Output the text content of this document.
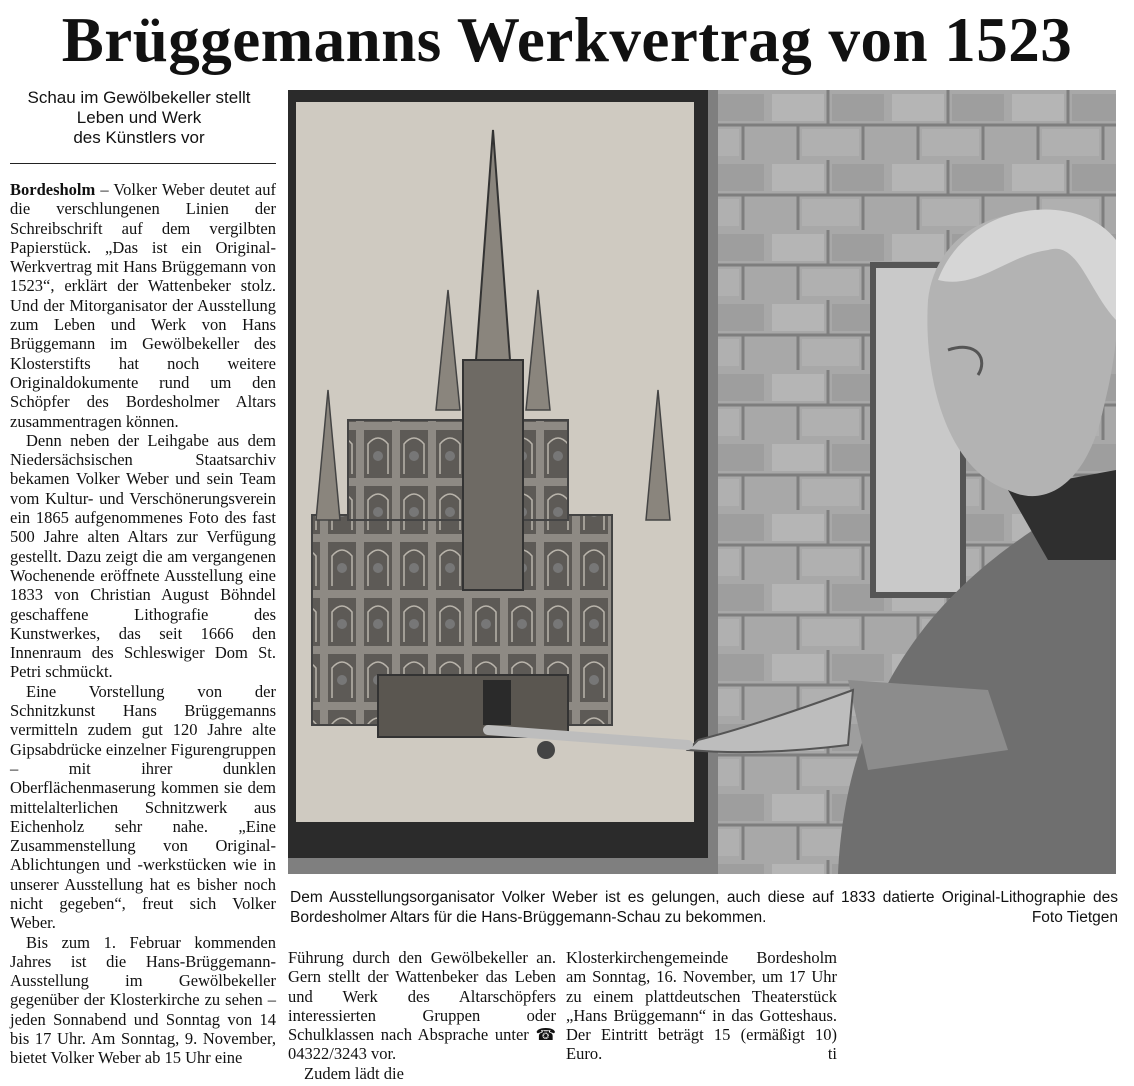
Brüggemanns Werkvertrag von 1523
Schau im Gewölbekeller stellt
Leben und Werk
des Künstlers vor

Bordesholm – Volker Weber deutet auf die verschlungenen Linien der Schreibschrift auf dem vergilbten Papierstück. „Das ist ein Original-Werkvertrag mit Hans Brüggemann von 1523“, erklärt der Wattenbeker stolz. Und der Mitorganisator der Ausstellung zum Leben und Werk von Hans Brüggemann im Gewölbekeller des Klosterstifts hat noch weitere Originaldokumente rund um den Schöpfer des Bordesholmer Altars zusammentragen können.

Denn neben der Leihgabe aus dem Niedersächsischen Staatsarchiv bekamen Volker Weber und sein Team vom Kultur- und Verschönerungsverein ein 1865 aufgenommenes Foto des fast 500 Jahre alten Altars zur Verfügung gestellt. Dazu zeigt die am vergangenen Wochenende eröffnete Ausstellung eine 1833 von Christian August Böhndel geschaffene Lithografie des Kunstwerkes, das seit 1666 den Innenraum des Schleswiger Dom St. Petri schmückt.

Eine Vorstellung von der Schnitzkunst Hans Brüggemanns vermitteln zudem gut 120 Jahre alte Gipsabdrücke einzelner Figurengruppen – mit ihrer dunklen Oberflächenmaserung kommen sie dem mittelalterlichen Schnitzwerk aus Eichenholz sehr nahe. „Eine Zusammenstellung von Original-Ablichtungen und -werkstücken wie in unserer Ausstellung hat es bisher noch nicht gegeben“, freut sich Volker Weber.

Bis zum 1. Februar kommenden Jahres ist die Hans-Brüggemann-Ausstellung im Gewölbekeller gegenüber der Klosterkirche zu sehen – jeden Sonnabend und Sonntag von 14 bis 17 Uhr. Am Sonntag, 9. November, bietet Volker Weber ab 15 Uhr eine

Führung durch den Gewölbekeller an. Gern stellt der Wattenbeker das Leben und Werk des Altarschöpfers interessierten Gruppen oder Schulklassen nach Absprache unter ☎ 04322/3243 vor.

Zudem lädt die

Klosterkirchengemeinde Bordesholm am Sonntag, 16. November, um 17 Uhr zu einem plattdeutschen Theaterstück „Hans Brüggemann“ in das Gotteshaus. Der Eintritt beträgt 15 (ermäßigt 10) Euro.	ti

Dem Ausstellungsorganisator Volker Weber ist es gelungen, auch diese auf 1833 datierte Original-Lithographie des Bordesholmer Altars für die Hans-Brüggemann-Schau zu bekommen.	Foto Tietgen
